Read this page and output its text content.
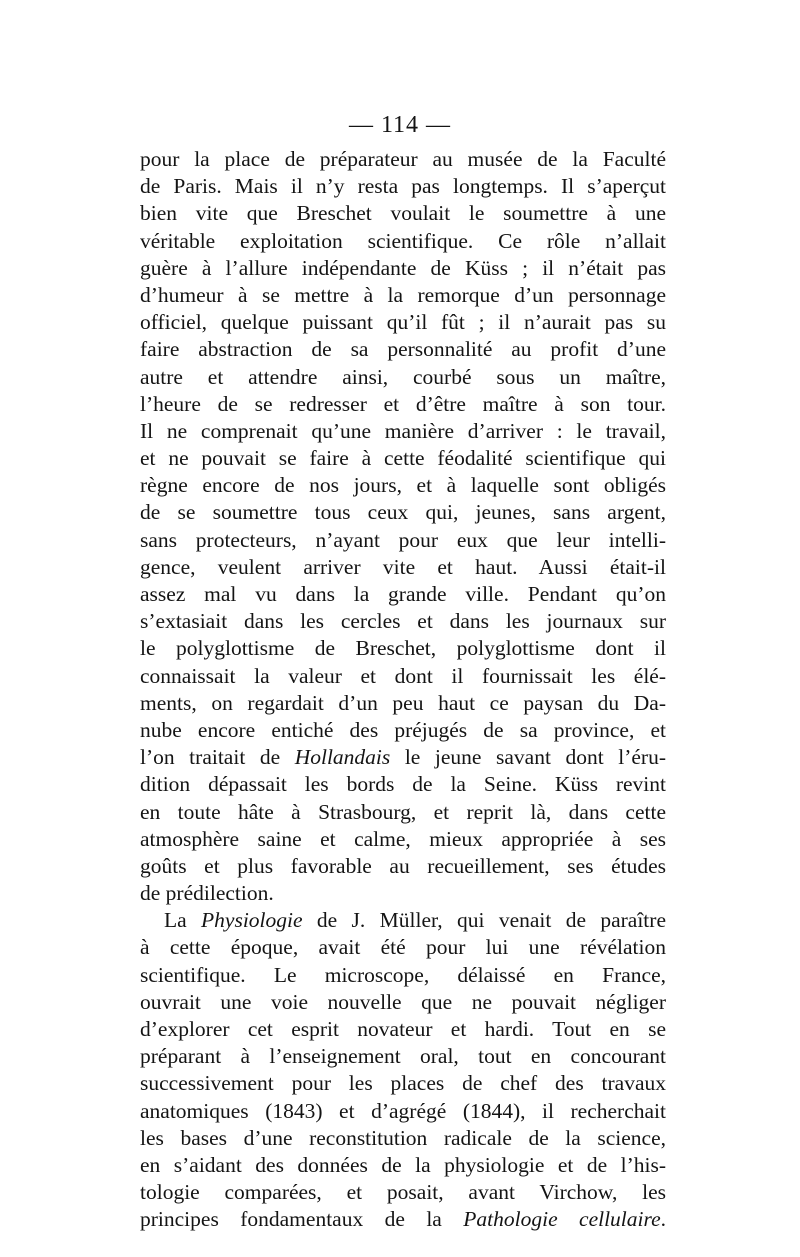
— 114 —
pour la place de préparateur au musée de la Faculté
de Paris. Mais il n’y resta pas longtemps. Il s’aperçut
bien vite que Breschet voulait le soumettre à une
véritable exploitation scientifique. Ce rôle n’allait
guère à l’allure indépendante de Küss ; il n’était pas
d’humeur à se mettre à la remorque d’un personnage
officiel, quelque puissant qu’il fût ; il n’aurait pas su
faire abstraction de sa personnalité au profit d’une
autre et attendre ainsi, courbé sous un maître,
l’heure de se redresser et d’être maître à son tour.
Il ne comprenait qu’une manière d’arriver : le travail,
et ne pouvait se faire à cette féodalité scientifique qui
règne encore de nos jours, et à laquelle sont obligés
de se soumettre tous ceux qui, jeunes, sans argent,
sans protecteurs, n’ayant pour eux que leur intelli-
gence, veulent arriver vite et haut. Aussi était-il
assez mal vu dans la grande ville. Pendant qu’on
s’extasiait dans les cercles et dans les journaux sur
le polyglottisme de Breschet, polyglottisme dont il
connaissait la valeur et dont il fournissait les élé-
ments, on regardait d’un peu haut ce paysan du Da-
nube encore entiché des préjugés de sa province, et
l’on traitait de Hollandais le jeune savant dont l’éru-
dition dépassait les bords de la Seine. Küss revint
en toute hâte à Strasbourg, et reprit là, dans cette
atmosphère saine et calme, mieux appropriée à ses
goûts et plus favorable au recueillement, ses études
de prédilection.
La Physiologie de J. Müller, qui venait de paraître
à cette époque, avait été pour lui une révélation
scientifique. Le microscope, délaissé en France,
ouvrait une voie nouvelle que ne pouvait négliger
d’explorer cet esprit novateur et hardi. Tout en se
préparant à l’enseignement oral, tout en concourant
successivement pour les places de chef des travaux
anatomiques (1843) et d’agrégé (1844), il recherchait
les bases d’une reconstitution radicale de la science,
en s’aidant des données de la physiologie et de l’his-
tologie comparées, et posait, avant Virchow, les
principes fondamentaux de la Pathologie cellulaire.
